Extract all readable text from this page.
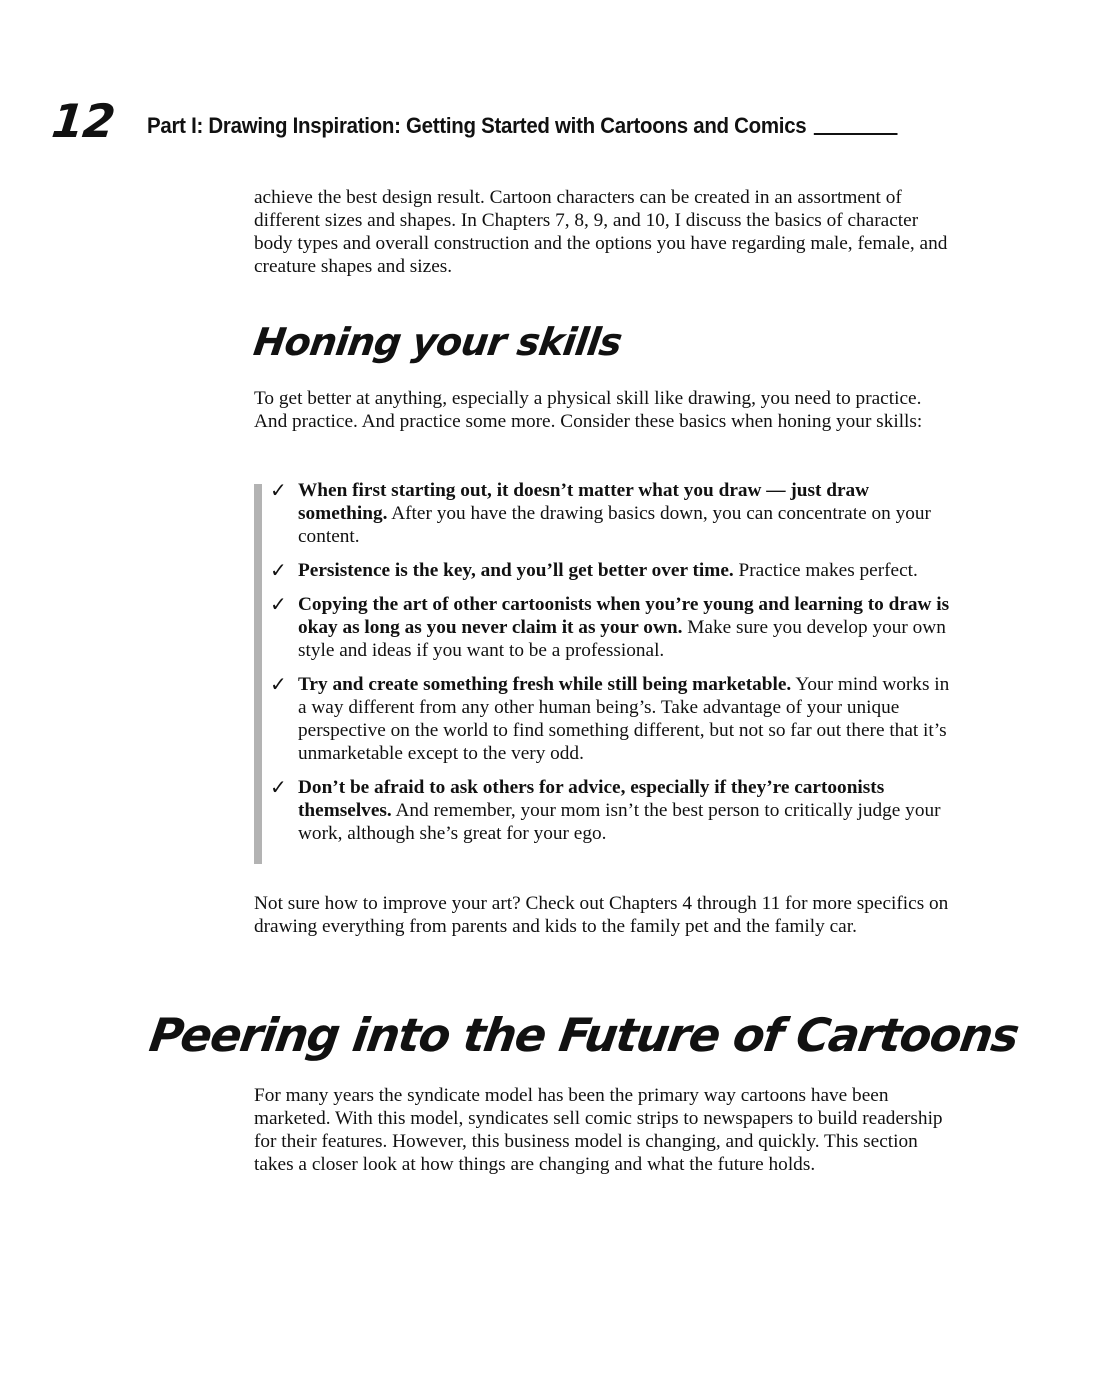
12 Part I: Drawing Inspiration: Getting Started with Cartoons and Comics

achieve the best design result. Cartoon characters can be created in an assortment of different sizes and shapes. In Chapters 7, 8, 9, and 10, I discuss the basics of character body types and overall construction and the options you have regarding male, female, and creature shapes and sizes.

Honing your skills

To get better at anything, especially a physical skill like drawing, you need to practice. And practice. And practice some more. Consider these basics when honing your skills:

✓ When first starting out, it doesn’t matter what you draw — just draw something. After you have the drawing basics down, you can concentrate on your content.
✓ Persistence is the key, and you’ll get better over time. Practice makes perfect.
✓ Copying the art of other cartoonists when you’re young and learning to draw is okay as long as you never claim it as your own. Make sure you develop your own style and ideas if you want to be a professional.
✓ Try and create something fresh while still being marketable. Your mind works in a way different from any other human being’s. Take advantage of your unique perspective on the world to find something different, but not so far out there that it’s unmarketable except to the very odd.
✓ Don’t be afraid to ask others for advice, especially if they’re cartoonists themselves. And remember, your mom isn’t the best person to critically judge your work, although she’s great for your ego.

Not sure how to improve your art? Check out Chapters 4 through 11 for more specifics on drawing everything from parents and kids to the family pet and the family car.

Peering into the Future of Cartoons

For many years the syndicate model has been the primary way cartoons have been marketed. With this model, syndicates sell comic strips to newspapers to build readership for their features. However, this business model is changing, and quickly. This section takes a closer look at how things are changing and what the future holds.
